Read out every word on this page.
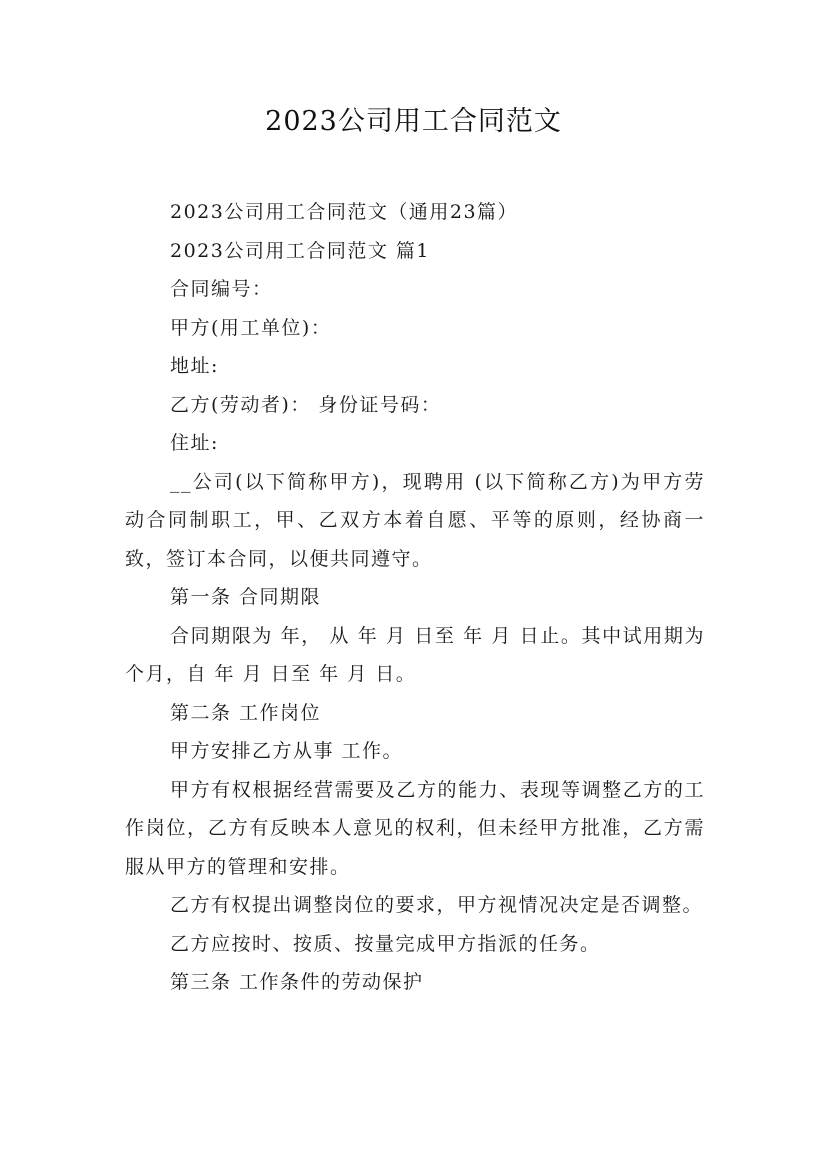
2023公司用工合同范文

2023公司用工合同范文（通用23篇）

2023公司用工合同范文 篇1

合同编号：

甲方(用工单位)：

地址:

乙方(劳动者)： 身份证号码：

住址:

__公司(以下简称甲方)，现聘用 (以下简称乙方)为甲方劳动合同制职工，甲、乙双方本着自愿、平等的原则，经协商一致，签订本合同，以便共同遵守。

第一条 合同期限

合同期限为 年， 从 年 月 日至 年 月 日止。其中试用期为 个月，自 年 月 日至 年 月 日。

第二条 工作岗位

甲方安排乙方从事 工作。

甲方有权根据经营需要及乙方的能力、表现等调整乙方的工作岗位，乙方有反映本人意见的权利，但未经甲方批准，乙方需服从甲方的管理和安排。

乙方有权提出调整岗位的要求，甲方视情况决定是否调整。

乙方应按时、按质、按量完成甲方指派的任务。

第三条 工作条件的劳动保护
